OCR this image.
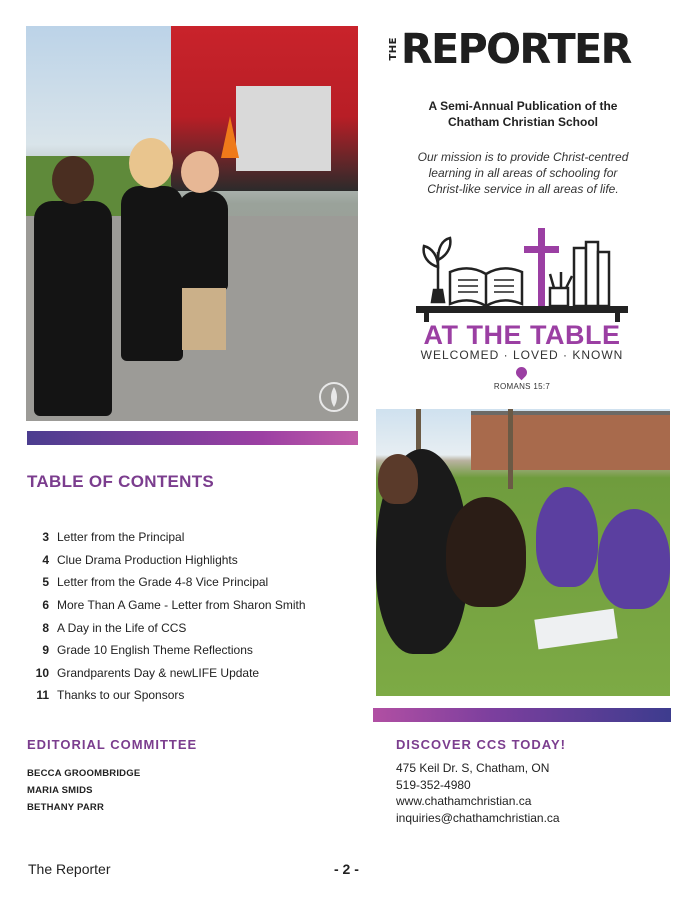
THE REPORTER
A Semi-Annual Publication of the
Chatham Christian School
Our mission is to provide Christ-centred
learning in all areas of schooling for
Christ-like service in all areas of life.
AT THE TABLE
WELCOMED · LOVED · KNOWN
ROMANS 15:7
TABLE OF CONTENTS
3 Letter from the Principal
4 Clue Drama Production Highlights
5 Letter from the Grade 4-8 Vice Principal
6 More Than A Game - Letter from Sharon Smith
8 A Day in the Life of CCS
9 Grade 10 English Theme Reflections
10 Grandparents Day & newLIFE Update
11 Thanks to our Sponsors
EDITORIAL COMMITTEE
BECCA GROOMBRIDGE
MARIA SMIDS
BETHANY PARR
DISCOVER CCS TODAY!
475 Keil Dr. S, Chatham, ON
519-352-4980
www.chathamchristian.ca
inquiries@chathamchristian.ca
The Reporter	- 2 -
